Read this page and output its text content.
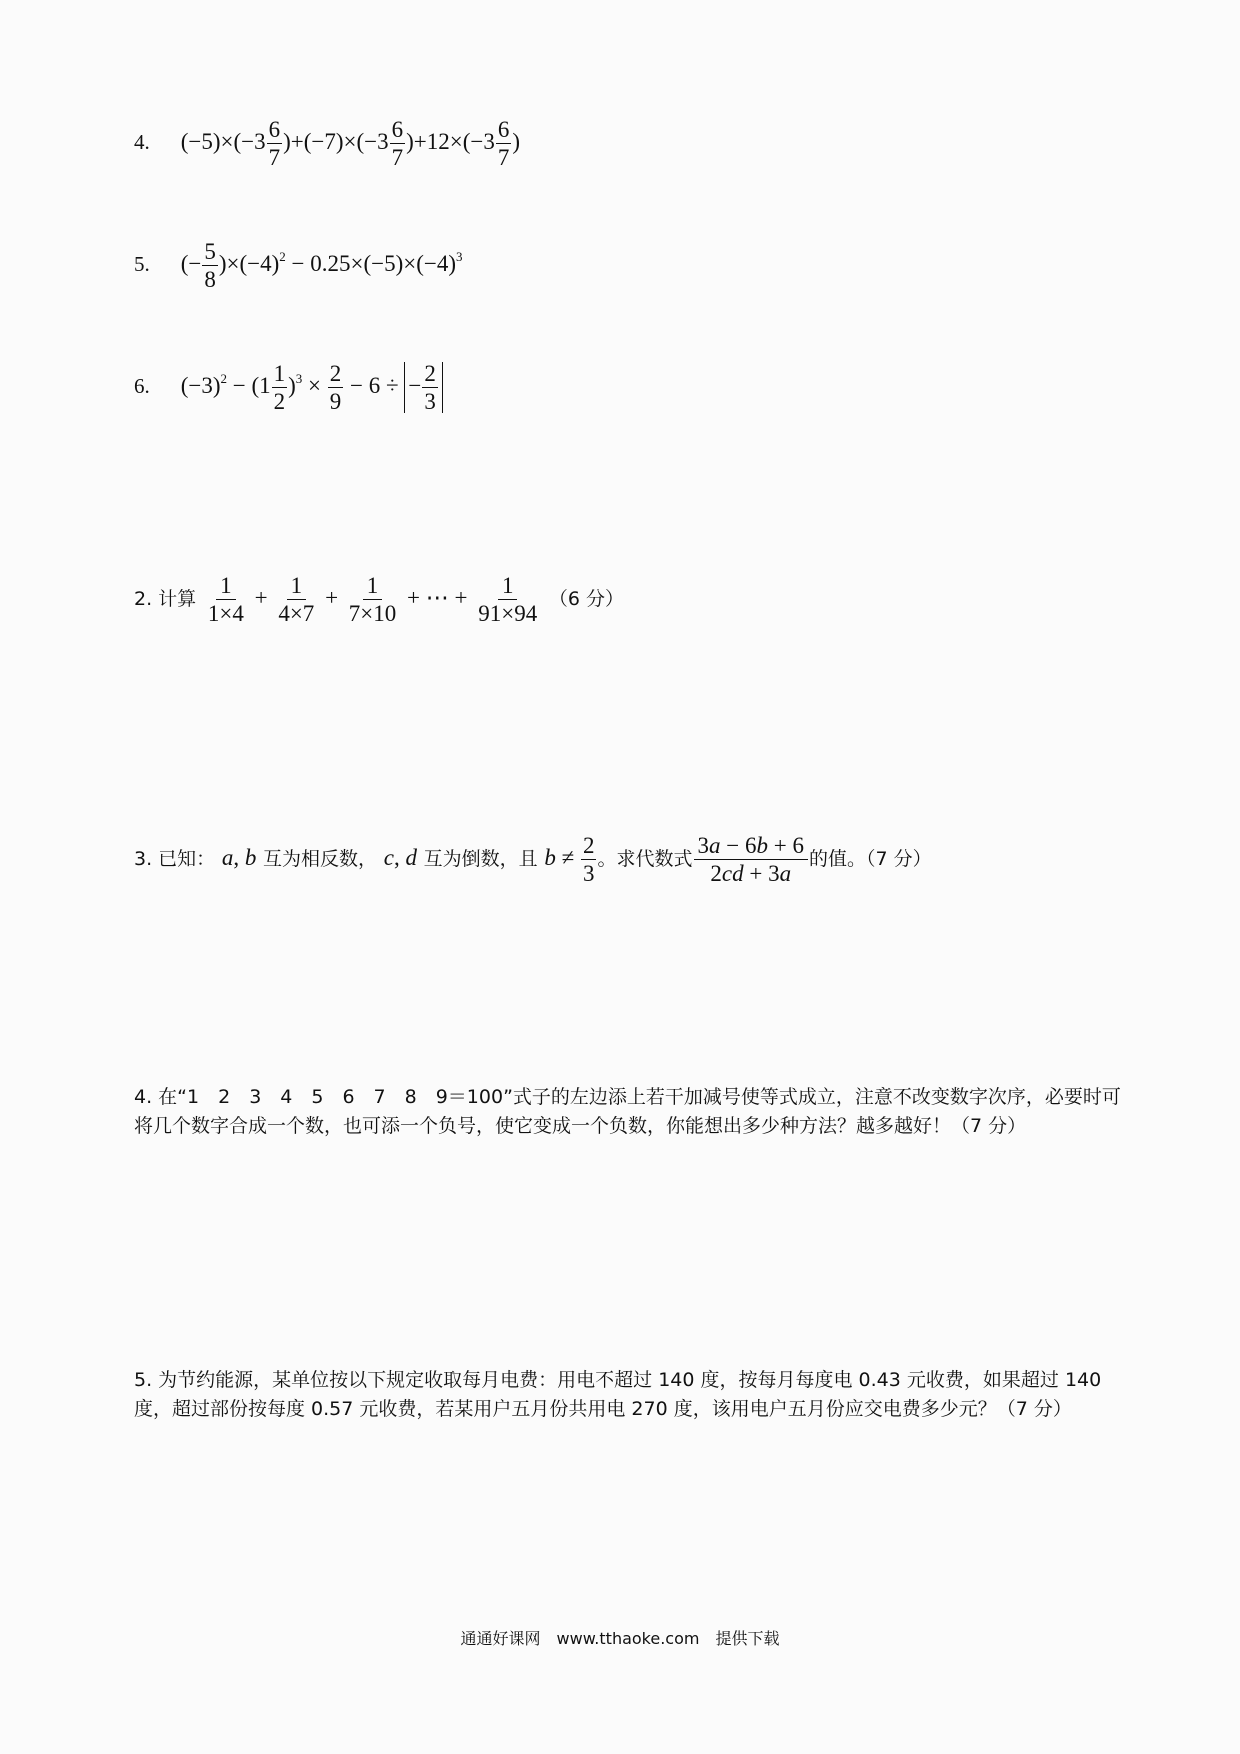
4. $(-5)\times(-3 \frac{6}{7} )+(-7)\times(-3 \frac{6}{7} )+12\times(-3 \frac{6}{7}$ )
5. (− $\frac{5}{8} )\times(-4)^2 - 0.25\times(-5)\times(-4)^3$
6. $(-3)^2 - (1 \frac{1}{2} )^3 \times \frac{2}{9} - 6$ ÷ − $\frac{2}{3}$
2. 计算 $\frac{1}{1\times 4} + \frac{1}{4\times 7} + \frac{1}{7\times 10}$ + ⋯ + $\frac{1}{91\times 94} (6$ 分）
3. 已知： a, b 互为相反数， c, d 互为倒数，且 $b \ne \frac{2}{3}$ 。求代数式 $\frac{3a - 6b + 6}{2cd + 3a}$ 的值。（7 分）
4. 在“1　2　3　4　5　6　7　8　9＝100”式子的左边添上若干加减号使等式成立，注意不改变数字次序，必要时可将几个数字合成一个数，也可添一个负号，使它变成一个负数，你能想出多少种方法？越多越好！（7 分）
5. 为节约能源，某单位按以下规定收取每月电费：用电不超过 140 度，按每月每度电 0.43 元收费，如果超过 140 度，超过部份按每度 0.57 元收费，若某用户五月份共用电 270 度，该用电户五月份应交电费多少元？（7 分）
通通好课网　www.tthaoke.com　提供下载
